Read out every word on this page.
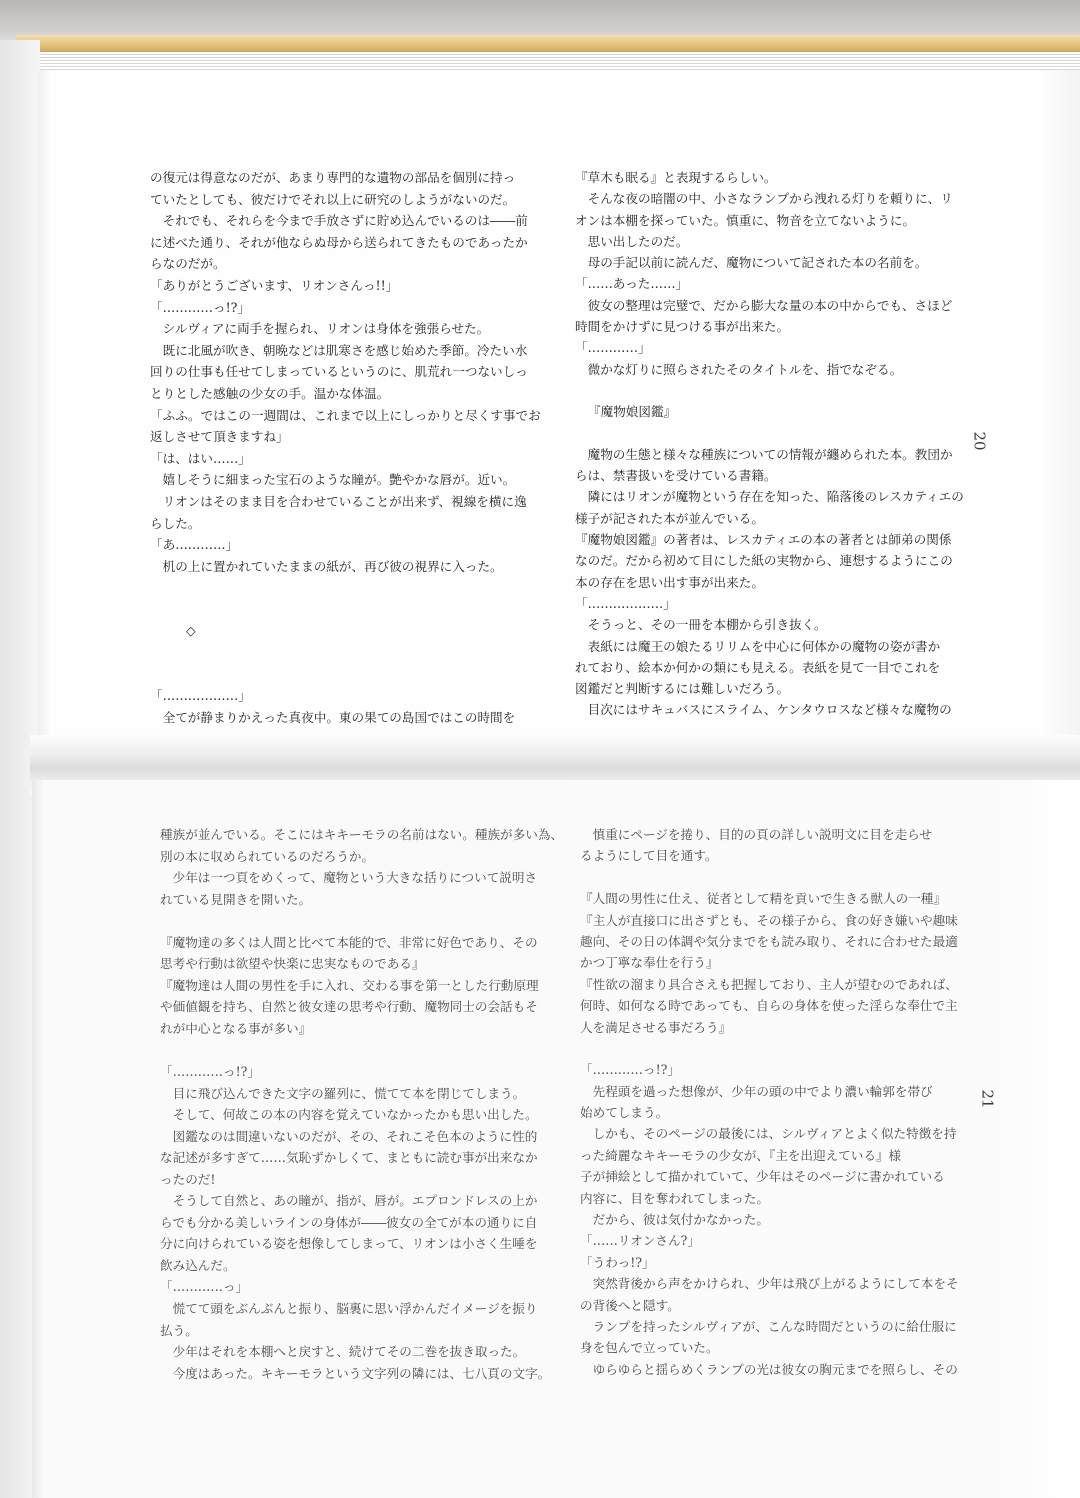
の復元は得意なのだが、あまり専門的な遺物の部品を個別に持っ
ていたとしても、彼だけでそれ以上に研究のしようがないのだ。
　それでも、それらを今まで手放さずに貯め込んでいるのは――前
に述べた通り、それが他ならぬ母から送られてきたものであったか
らなのだが。
「ありがとうございます、リオンさんっ!!」
「…………っ!?」
　シルヴィアに両手を握られ、リオンは身体を強張らせた。
　既に北風が吹き、朝晩などは肌寒さを感じ始めた季節。冷たい水
回りの仕事も任せてしまっているというのに、肌荒れ一つないしっ
とりとした感触の少女の手。温かな体温。
「ふふ。ではこの一週間は、これまで以上にしっかりと尽くす事でお
返しさせて頂きますね」
「は、はい……」
　嬉しそうに細まった宝石のような瞳が。艶やかな唇が。近い。
　リオンはそのまま目を合わせていることが出来ず、視線を横に逸
らした。
「あ…………」
　机の上に置かれていたままの紙が、再び彼の視界に入った。
◇
「………………」
　全てが静まりかえった真夜中。東の果ての島国ではこの時間を
『草木も眠る』と表現するらしい。
　そんな夜の暗闇の中、小さなランプから洩れる灯りを頼りに、リ
オンは本棚を探っていた。慎重に、物音を立てないように。
　思い出したのだ。
　母の手記以前に読んだ、魔物について記された本の名前を。
「……あった……」
　彼女の整理は完璧で、だから膨大な量の本の中からでも、さほど
時間をかけずに見つける事が出来た。
「…………」
　微かな灯りに照らされたそのタイトルを、指でなぞる。
『魔物娘図鑑』
　魔物の生態と様々な種族についての情報が纏められた本。教団か
らは、禁書扱いを受けている書籍。
　隣にはリオンが魔物という存在を知った、陥落後のレスカティエの
様子が記された本が並んでいる。
『魔物娘図鑑』の著者は、レスカティエの本の著者とは師弟の関係
なのだ。だから初めて目にした紙の実物から、連想するようにこの
本の存在を思い出す事が出来た。
「………………」
　そうっと、その一冊を本棚から引き抜く。
　表紙には魔王の娘たるリリムを中心に何体かの魔物の姿が書か
れており、絵本か何かの類にも見える。表紙を見て一目でこれを
図鑑だと判断するには難しいだろう。
　目次にはサキュバスにスライム、ケンタウロスなど様々な魔物の
20
種族が並んでいる。そこにはキキーモラの名前はない。種族が多い為、
別の本に収められているのだろうか。
　少年は一つ頁をめくって、魔物という大きな括りについて説明さ
れている見開きを開いた。
『魔物達の多くは人間と比べて本能的で、非常に好色であり、その
思考や行動は欲望や快楽に忠実なものである』
『魔物達は人間の男性を手に入れ、交わる事を第一とした行動原理
や価値観を持ち、自然と彼女達の思考や行動、魔物同士の会話もそ
れが中心となる事が多い』
「…………っ!?」
　目に飛び込んできた文字の羅列に、慌てて本を閉じてしまう。
　そして、何故この本の内容を覚えていなかったかも思い出した。
　図鑑なのは間違いないのだが、その、それこそ色本のように性的
な記述が多すぎて……気恥ずかしくて、まともに読む事が出来なか
ったのだ!
　そうして自然と、あの瞳が、指が、唇が。エプロンドレスの上か
らでも分かる美しいラインの身体が――彼女の全てが本の通りに自
分に向けられている姿を想像してしまって、リオンは小さく生唾を
飲み込んだ。
「…………っ」
　慌てて頭をぶんぶんと振り、脳裏に思い浮かんだイメージを振り
払う。
　少年はそれを本棚へと戻すと、続けてその二巻を抜き取った。
　今度はあった。キキーモラという文字列の隣には、七八頁の文字。
　慎重にページを捲り、目的の頁の詳しい説明文に目を走らせ
るようにして目を通す。
『人間の男性に仕え、従者として精を貢いで生きる獣人の一種』
『主人が直接口に出さずとも、その様子から、食の好き嫌いや趣味
趣向、その日の体調や気分までをも読み取り、それに合わせた最適
かつ丁寧な奉仕を行う』
『性欲の溜まり具合さえも把握しており、主人が望むのであれば、
何時、如何なる時であっても、自らの身体を使った淫らな奉仕で主
人を満足させる事だろう』
「…………っ!?」
　先程頭を過った想像が、少年の頭の中でより濃い輪郭を帯び
始めてしまう。
　しかも、そのページの最後には、シルヴィアとよく似た特徴を持
った綺麗なキキーモラの少女が、『主を出迎えている』様
子が挿絵として描かれていて、少年はそのページに書かれている
内容に、目を奪われてしまった。
　だから、彼は気付かなかった。
「……リオンさん?」
「うわっ!?」
　突然背後から声をかけられ、少年は飛び上がるようにして本をそ
の背後へと隠す。
　ランプを持ったシルヴィアが、こんな時間だというのに給仕服に
身を包んで立っていた。
　ゆらゆらと揺らめくランプの光は彼女の胸元までを照らし、その
21
